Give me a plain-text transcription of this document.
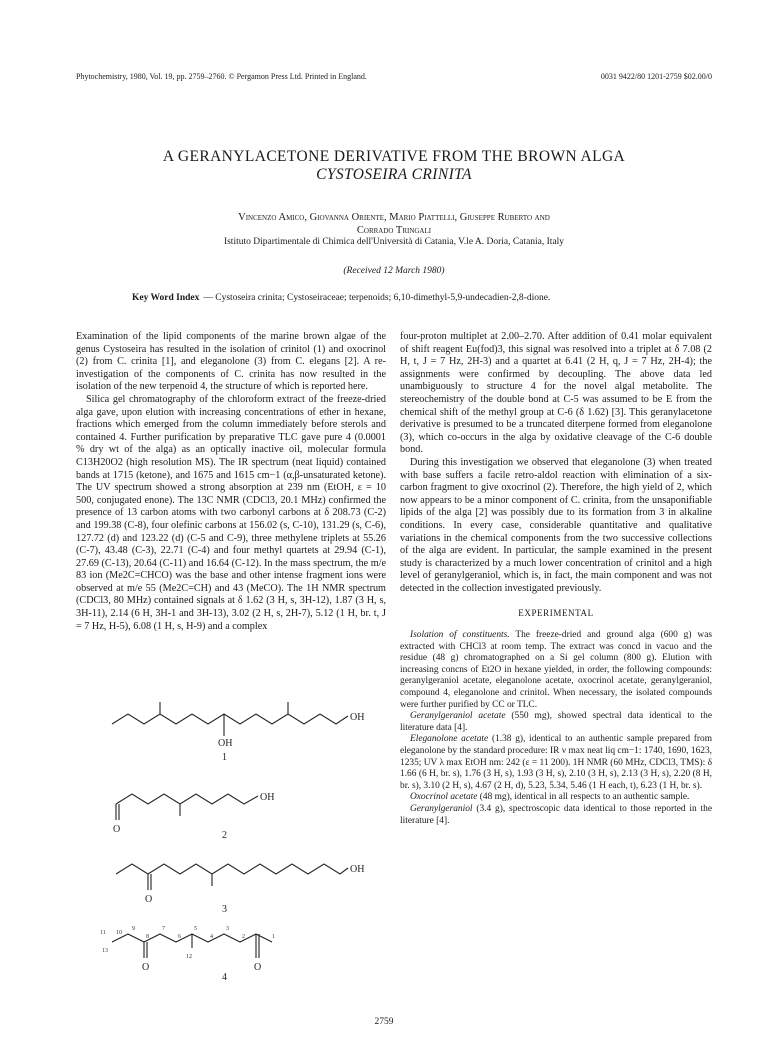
Phytochemistry, 1980, Vol. 19, pp. 2759–2760. © Pergamon Press Ltd. Printed in England.	0031 9422/80 1201-2759 $02.00/0
A GERANYLACETONE DERIVATIVE FROM THE BROWN ALGA
CYSTOSEIRA CRINITA
Vincenzo Amico, Giovanna Oriente, Mario Piattelli, Giuseppe Ruberto and
Corrado Tringali
Istituto Dipartimentale di Chimica dell'Università di Catania, V.le A. Doria, Catania, Italy
(Received 12 March 1980)
Key Word Index — Cystoseira crinita; Cystoseiraceae; terpenoids; 6,10-dimethyl-5,9-undecadien-2,8-dione.

Examination of the lipid components of the marine brown algae of the genus Cystoseira has resulted in the isolation of crinitol (1) and oxocrinol (2) from C. crinita [1], and eleganolone (3) from C. elegans [2]. A re-investigation of the components of C. crinita has now resulted in the isolation of the new terpenoid 4, the structure of which is reported here.

Silica gel chromatography of the chloroform extract of the freeze-dried alga gave, upon elution with increasing concentrations of ether in hexane, fractions which emerged from the column immediately before sterols and contained 4. Further purification by preparative TLC gave pure 4 (0.0001 % dry wt of the alga) as an optically inactive oil, molecular formula C13H20O2 (high resolution MS). The IR spectrum (neat liquid) contained bands at 1715 (ketone), and 1675 and 1615 cm−1 (α,β-unsaturated ketone). The UV spectrum showed a strong absorption at 239 nm (EtOH, ε = 10 500, conjugated enone). The 13C NMR (CDCl3, 20.1 MHz) confirmed the presence of 13 carbon atoms with two carbonyl carbons at δ 208.73 (C-2) and 199.38 (C-8), four olefinic carbons at 156.02 (s, C-10), 131.29 (s, C-6), 127.72 (d) and 123.22 (d) (C-5 and C-9), three methylene triplets at 55.26 (C-7), 43.48 (C-3), 22.71 (C-4) and four methyl quartets at 29.94 (C-1), 27.69 (C-13), 20.64 (C-11) and 16.64 (C-12). In the mass spectrum, the m/e 83 ion (Me2C=CHCO) was the base and other intense fragment ions were observed at m/e 55 (Me2C=CH) and 43 (MeCO). The 1H NMR spectrum (CDCl3, 80 MHz) contained signals at δ 1.62 (3 H, s, 3H-12), 1.87 (3 H, s, 3H-11), 2.14 (6 H, 3H-1 and 3H-13), 3.02 (2 H, s, 2H-7), 5.12 (1 H, br. t, J = 7 Hz, H-5), 6.08 (1 H, s, H-9) and a complex

OH
OH
1
OH
O
2
OH
O
3
O	O
4
11 10
9
8
7
6
5
4
3
2	1
13
12

four-proton multiplet at 2.00–2.70. After addition of 0.41 molar equivalent of shift reagent Eu(fod)3, this signal was resolved into a triplet at δ 7.08 (2 H, t, J = 7 Hz, 2H-3) and a quartet at 6.41 (2 H, q, J = 7 Hz, 2H-4); the assignments were confirmed by decoupling. The above data led unambiguously to structure 4 for the novel algal metabolite. The stereochemistry of the double bond at C-5 was assumed to be E from the chemical shift of the methyl group at C-6 (δ 1.62) [3]. This geranylacetone derivative is presumed to be a truncated diterpene formed from eleganolone (3), which co-occurs in the alga by oxidative cleavage of the C-6 double bond.

During this investigation we observed that eleganolone (3) when treated with base suffers a facile retro-aldol reaction with elimination of a six-carbon fragment to give oxocrinol (2). Therefore, the high yield of 2, which now appears to be a minor component of C. crinita, from the unsaponifiable lipids of the alga [2] was possibly due to its formation from 3 in alkaline conditions. In every case, considerable quantitative and qualitative variations in the chemical components from the two successive collections of the alga are evident. In particular, the sample examined in the present study is characterized by a much lower concentration of crinitol and a high level of geranylgeraniol, which is, in fact, the main component and was not detected in the collection investigated previously.

EXPERIMENTAL

Isolation of constituents. The freeze-dried and ground alga (600 g) was extracted with CHCl3 at room temp. The extract was concd in vacuo and the residue (48 g) chromatographed on a Si gel column (800 g). Elution with increasing concns of Et2O in hexane yielded, in order, the following compounds: geranylgeraniol acetate, eleganolone acetate, oxocrinol acetate, geranylgeraniol, compound 4, eleganolone and crinitol. When necessary, the isolated compounds were further purified by CC or TLC.

Geranylgeraniol acetate (550 mg), showed spectral data identical to the literature data [4].

Eleganolone acetate (1.38 g), identical to an authentic sample prepared from eleganolone by the standard procedure: IR ν max neat liq cm−1: 1740, 1690, 1623, 1235; UV λ max EtOH nm: 242 (ε = 11 200). 1H NMR (60 MHz, CDCl3, TMS): δ 1.66 (6 H, br. s), 1.76 (3 H, s), 1.93 (3 H, s), 2.10 (3 H, s), 2.13 (3 H, s), 2.20 (8 H, br. s), 3.10 (2 H, s), 4.67 (2 H, d), 5.23, 5.34, 5.46 (1 H each, t), 6.23 (1 H, br. s).

Oxocrinol acetate (48 mg), identical in all respects to an authentic sample.

Geranylgeraniol (3.4 g), spectroscopic data identical to those reported in the literature [4].

2759
